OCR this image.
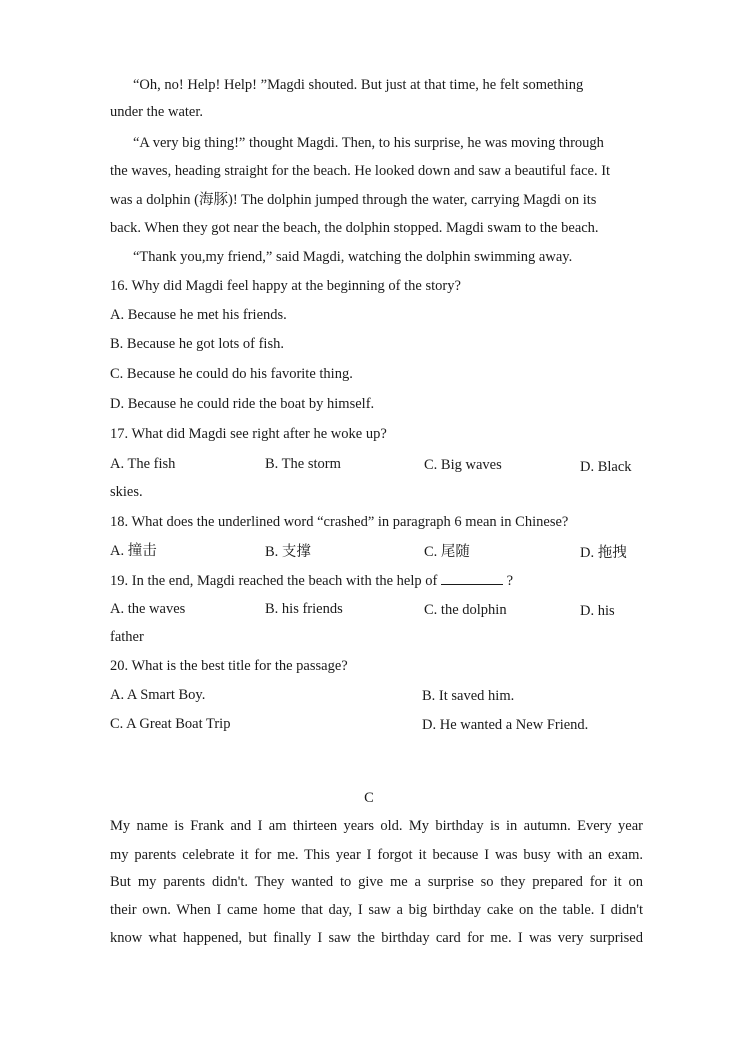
“Oh, no! Help! Help! ”Magdi shouted. But just at that time, he felt something
under the water.
“A very big thing!” thought Magdi. Then, to his surprise, he was moving through
the waves, heading straight for the beach. He looked down and saw a beautiful face. It
was a dolphin (海豚)! The dolphin jumped through the water, carrying Magdi on its
back. When they got near the beach, the dolphin stopped. Magdi swam to the beach.
“Thank you,my friend,” said Magdi, watching the dolphin swimming away.
16. Why did Magdi feel happy at the beginning of the story?
A. Because he met his friends.
B. Because he got lots of fish.
C. Because he could do his favorite thing.
D. Because he could ride the boat by himself.
17. What did Magdi see right after he woke up?
A. The fish	B. The storm	C. Big waves	D. Black
skies.
18. What does the underlined word “crashed” in paragraph 6 mean in Chinese?
A. 撞击	B. 支撑	C. 尾随	D. 拖拽
19. In the end, Magdi reached the beach with the help of	?
A. the waves	B. his friends	C. the dolphin	D. his
father
20. What is the best title for the passage?
A. A Smart Boy.	B. It saved him.
C. A Great Boat Trip	D. He wanted a New Friend.
C
My name is Frank and I am thirteen years old. My birthday is in autumn. Every year
my parents celebrate it for me. This year I forgot it because I was busy with an exam.
But my parents didn't. They wanted to give me a surprise so they prepared for it on
their own. When I came home that day, I saw a big birthday cake on the table. I didn't
know what happened, but finally I saw the birthday card for me. I was very surprised
